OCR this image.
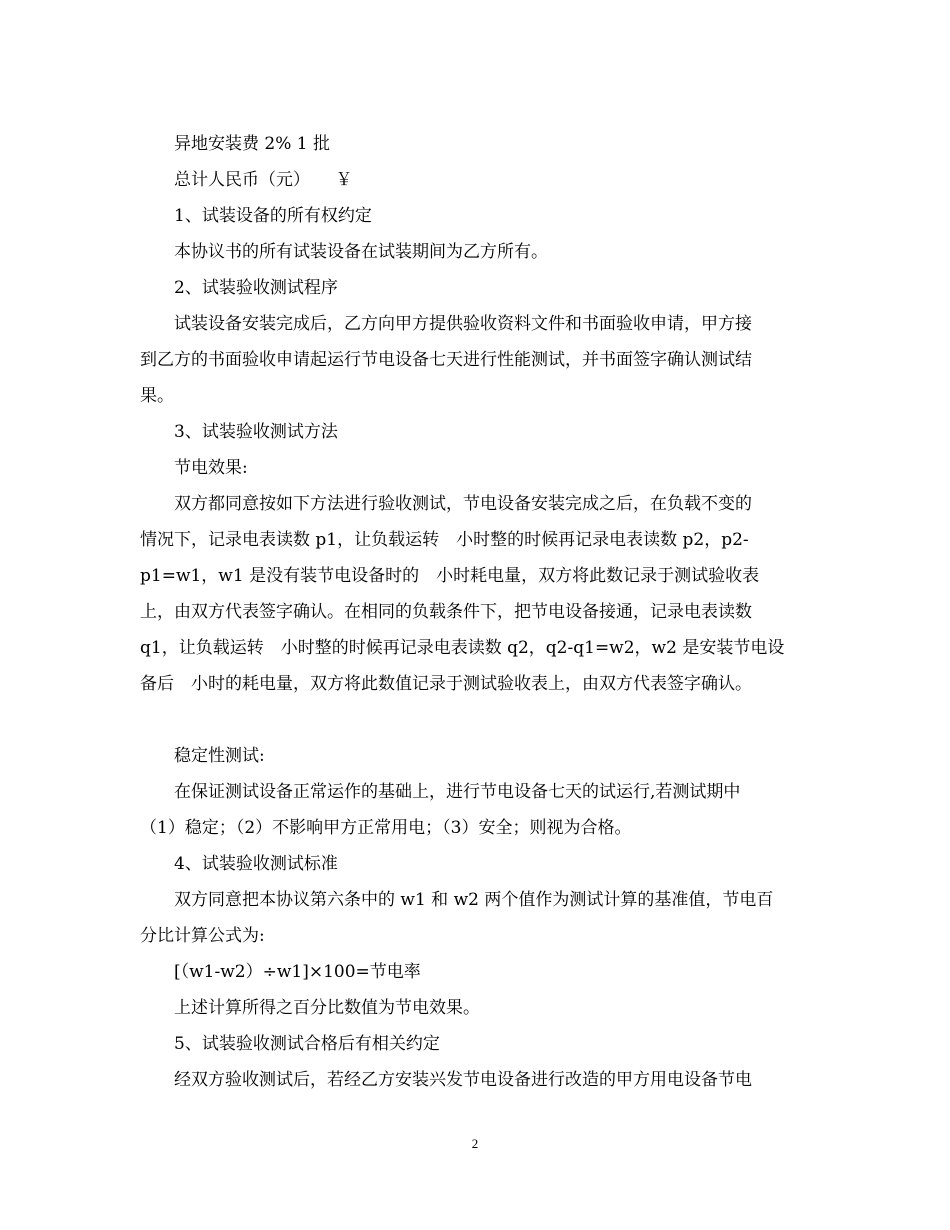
异地安装费 2% 1 批
总计人民币（元）　　￥
1、试装设备的所有权约定
本协议书的所有试装设备在试装期间为乙方所有。
2、试装验收测试程序
试装设备安装完成后，乙方向甲方提供验收资料文件和书面验收申请，甲方接
到乙方的书面验收申请起运行节电设备七天进行性能测试，并书面签字确认测试结
果。
3、试装验收测试方法
节电效果:
双方都同意按如下方法进行验收测试，节电设备安装完成之后，在负载不变的
情况下，记录电表读数 p1，让负载运转　小时整的时候再记录电表读数 p2，p2-
p1=w1，w1 是没有装节电设备时的　小时耗电量，双方将此数记录于测试验收表
上，由双方代表签字确认。在相同的负载条件下，把节电设备接通，记录电表读数
q1，让负载运转　小时整的时候再记录电表读数 q2，q2-q1=w2，w2 是安装节电设
备后　小时的耗电量，双方将此数值记录于测试验收表上，由双方代表签字确认。
稳定性测试:
在保证测试设备正常运作的基础上，进行节电设备七天的试运行,若测试期中
（1）稳定；（2）不影响甲方正常用电；（3）安全；则视为合格。
4、试装验收测试标准
双方同意把本协议第六条中的 w1 和 w2 两个值作为测试计算的基准值，节电百
分比计算公式为:
[（w1-w2）÷w1]×100=节电率
上述计算所得之百分比数值为节电效果。
5、试装验收测试合格后有相关约定
经双方验收测试后，若经乙方安装兴发节电设备进行改造的甲方用电设备节电
2
